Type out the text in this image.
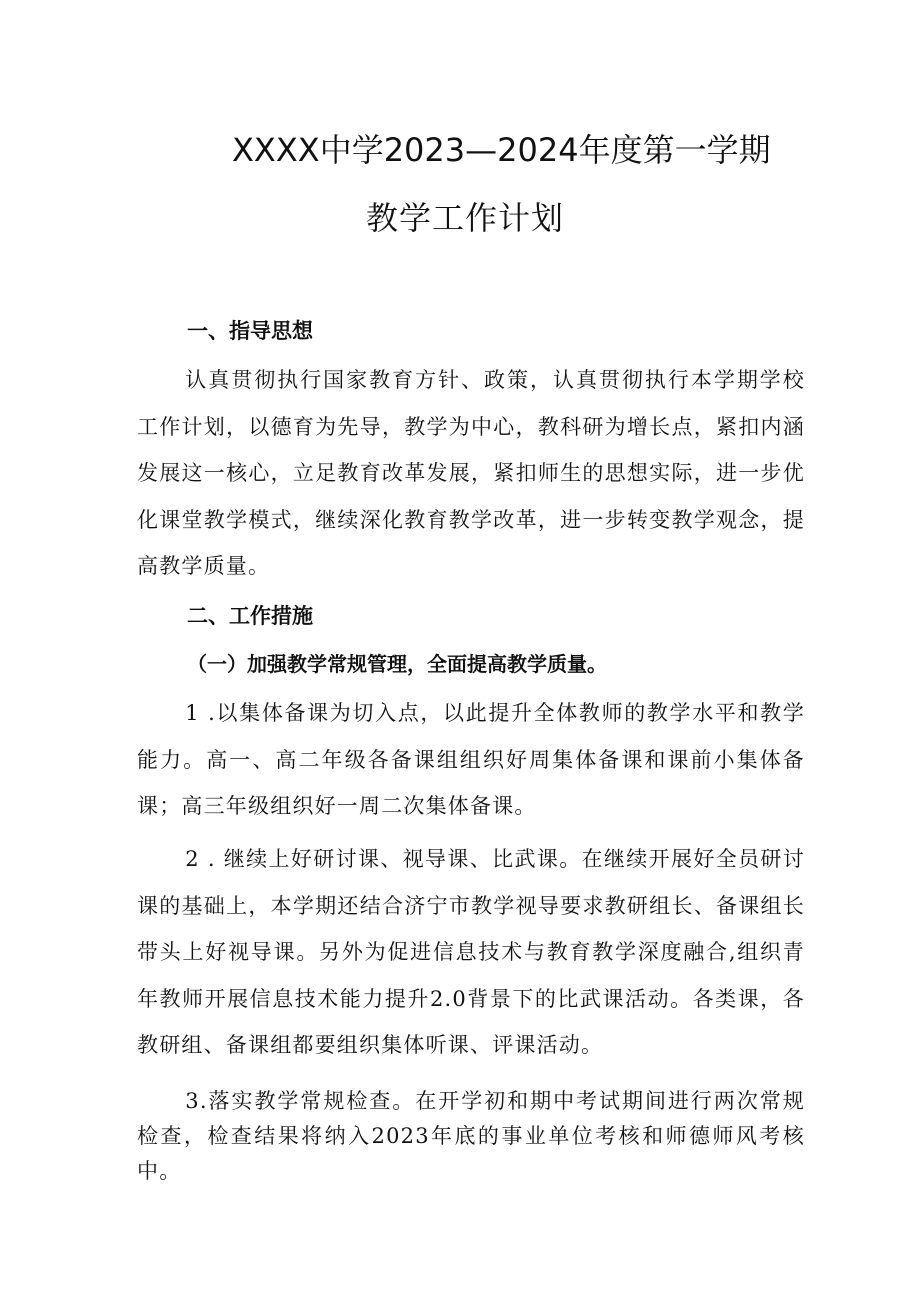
XXXX中学2023—2024年度第一学期
教学工作计划
一、指导思想

认真贯彻执行国家教育方针、政策，认真贯彻执行本学期学校工作计划，以德育为先导，教学为中心，教科研为增长点，紧扣内涵发展这一核心，立足教育改革发展，紧扣师生的思想实际，进一步优化课堂教学模式，继续深化教育教学改革，进一步转变教学观念，提高教学质量。

二、工作措施
（一）加强教学常规管理，全面提高教学质量。

1 .以集体备课为切入点，以此提升全体教师的教学水平和教学能力。高一、高二年级各备课组组织好周集体备课和课前小集体备课；高三年级组织好一周二次集体备课。

2 . 继续上好研讨课、视导课、比武课。在继续开展好全员研讨课的基础上，本学期还结合济宁市教学视导要求教研组长、备课组长带头上好视导课。另外为促进信息技术与教育教学深度融合,组织青年教师开展信息技术能力提升2.0背景下的比武课活动。各类课，各教研组、备课组都要组织集体听课、评课活动。

3.落实教学常规检查。在开学初和期中考试期间进行两次常规检查，检查结果将纳入2023年底的事业单位考核和师德师风考核中。
